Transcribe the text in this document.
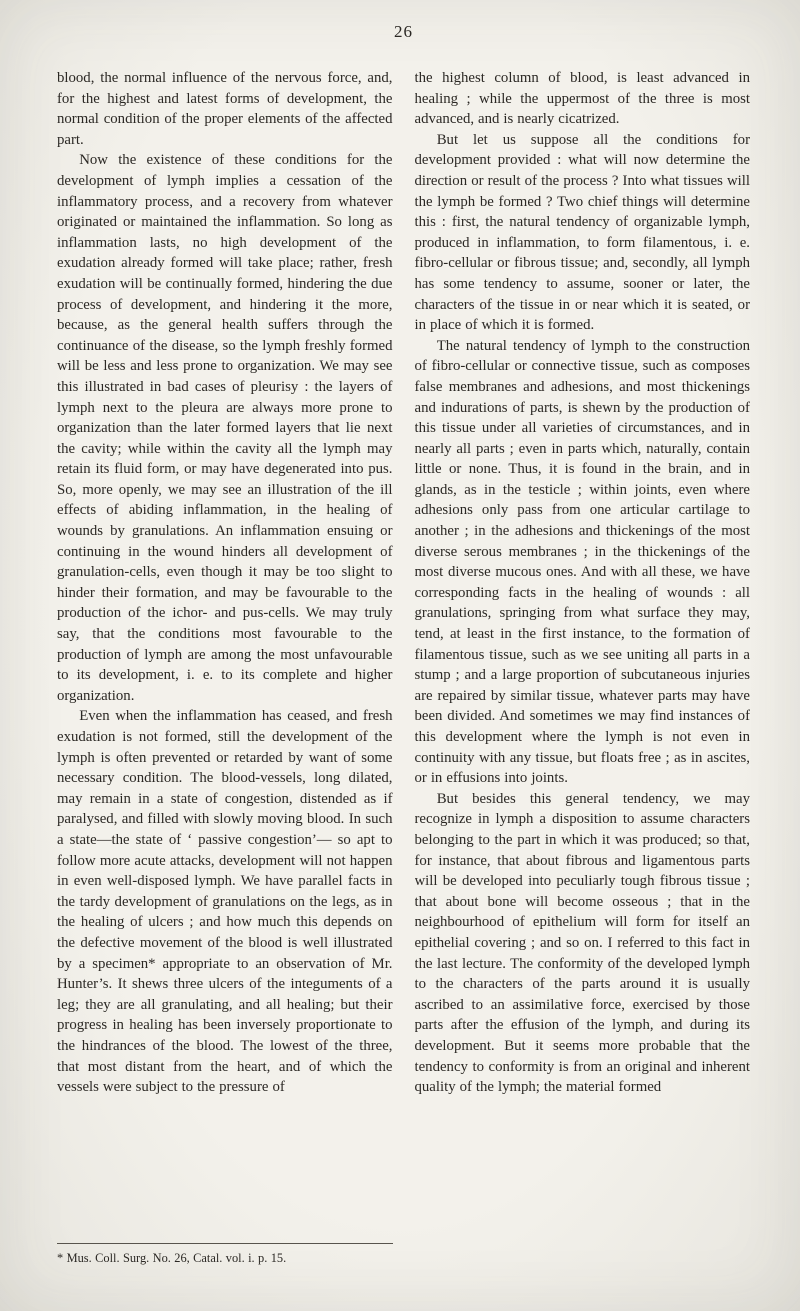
26

blood, the normal influence of the nervous force, and, for the highest and latest forms of development, the normal condition of the proper elements of the affected part.

Now the existence of these conditions for the development of lymph implies a cessation of the inflammatory process, and a recovery from whatever originated or maintained the inflammation. So long as inflammation lasts, no high development of the exudation already formed will take place; rather, fresh exudation will be continually formed, hindering the due process of development, and hindering it the more, because, as the general health suffers through the continuance of the disease, so the lymph freshly formed will be less and less prone to organization. We may see this illustrated in bad cases of pleurisy : the layers of lymph next to the pleura are always more prone to organization than the later formed layers that lie next the cavity; while within the cavity all the lymph may retain its fluid form, or may have degenerated into pus. So, more openly, we may see an illustration of the ill effects of abiding inflammation, in the healing of wounds by granulations. An inflammation ensuing or continuing in the wound hinders all development of granulation-cells, even though it may be too slight to hinder their formation, and may be favourable to the production of the ichor- and pus-cells. We may truly say, that the conditions most favourable to the production of lymph are among the most unfavourable to its development, i. e. to its complete and higher organization.

Even when the inflammation has ceased, and fresh exudation is not formed, still the development of the lymph is often prevented or retarded by want of some necessary condition. The blood-vessels, long dilated, may remain in a state of congestion, distended as if paralysed, and filled with slowly moving blood. In such a state—the state of ‘ passive congestion’— so apt to follow more acute attacks, development will not happen in even well-disposed lymph. We have parallel facts in the tardy development of granulations on the legs, as in the healing of ulcers ; and how much this depends on the defective movement of the blood is well illustrated by a specimen* appropriate to an observation of Mr. Hunter’s. It shews three ulcers of the integuments of a leg; they are all granulating, and all healing; but their progress in healing has been inversely proportionate to the hindrances of the blood. The lowest of the three, that most distant from the heart, and of which the vessels were subject to the pressure of

* Mus. Coll. Surg. No. 26, Catal. vol. i. p. 15.

the highest column of blood, is least advanced in healing ; while the uppermost of the three is most advanced, and is nearly cicatrized.

But let us suppose all the conditions for development provided : what will now determine the direction or result of the process ? Into what tissues will the lymph be formed ? Two chief things will determine this : first, the natural tendency of organizable lymph, produced in inflammation, to form filamentous, i. e. fibro-cellular or fibrous tissue; and, secondly, all lymph has some tendency to assume, sooner or later, the characters of the tissue in or near which it is seated, or in place of which it is formed.

The natural tendency of lymph to the construction of fibro-cellular or connective tissue, such as composes false membranes and adhesions, and most thickenings and indurations of parts, is shewn by the production of this tissue under all varieties of circumstances, and in nearly all parts ; even in parts which, naturally, contain little or none. Thus, it is found in the brain, and in glands, as in the testicle ; within joints, even where adhesions only pass from one articular cartilage to another ; in the adhesions and thickenings of the most diverse serous membranes ; in the thickenings of the most diverse mucous ones. And with all these, we have corresponding facts in the healing of wounds : all granulations, springing from what surface they may, tend, at least in the first instance, to the formation of filamentous tissue, such as we see uniting all parts in a stump ; and a large proportion of subcutaneous injuries are repaired by similar tissue, whatever parts may have been divided. And sometimes we may find instances of this development where the lymph is not even in continuity with any tissue, but floats free ; as in ascites, or in effusions into joints.

But besides this general tendency, we may recognize in lymph a disposition to assume characters belonging to the part in which it was produced; so that, for instance, that about fibrous and ligamentous parts will be developed into peculiarly tough fibrous tissue ; that about bone will become osseous ; that in the neighbourhood of epithelium will form for itself an epithelial covering ; and so on. I referred to this fact in the last lecture. The conformity of the developed lymph to the characters of the parts around it is usually ascribed to an assimilative force, exercised by those parts after the effusion of the lymph, and during its development. But it seems more probable that the tendency to conformity is from an original and inherent quality of the lymph; the material formed
